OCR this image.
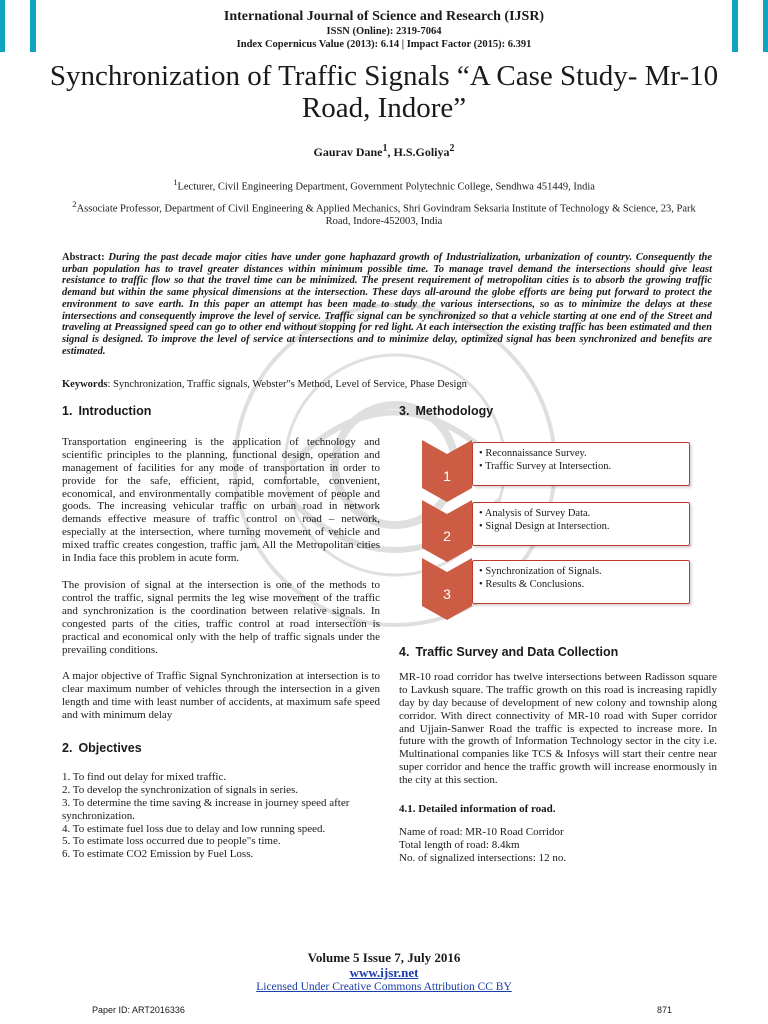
International Journal of Science and Research (IJSR)
ISSN (Online): 2319-7064
Index Copernicus Value (2013): 6.14 | Impact Factor (2015): 6.391
Synchronization of Traffic Signals “A Case Study- Mr-10 Road, Indore”
Gaurav Dane$^1$, H.S.Goliya$^2$
$^1$Lecturer, Civil Engineering Department, Government Polytechnic College, Sendhwa 451449, India
$^2$Associate Professor, Department of Civil Engineering & Applied Mechanics, Shri Govindram Seksaria Institute of Technology & Science, 23, Park Road, Indore-452003, India
Abstract: During the past decade major cities have under gone haphazard growth of Industrialization, urbanization of country. Consequently the urban population has to travel greater distances within minimum possible time. To manage travel demand the intersections should give least resistance to traffic flow so that the travel time can be minimized. The present requirement of metropolitan cities is to absorb the growing traffic demand but within the same physical dimensions at the intersection. These days all-around the globe efforts are being put forward to protect the environment to save earth. In this paper an attempt has been made to study the various intersections, so as to minimize the delays at these intersections and consequently improve the level of service. Traffic signal can be synchronized so that a vehicle starting at one end of the Street and traveling at Preassigned speed can go to other end without stopping for red light. At each intersection the existing traffic has been estimated and then signal is designed. To improve the level of service at intersections and to minimize delay, optimized signal has been synchronized and benefits are estimated.
Keywords: Synchronization, Traffic signals, Webster"s Method, Level of Service, Phase Design
1. Introduction

Transportation engineering is the application of technology and scientific principles to the planning, functional design, operation and management of facilities for any mode of transportation in order to provide for the safe, efficient, rapid, comfortable, convenient, economical, and environmentally compatible movement of people and goods. The increasing vehicular traffic on urban road in network demands effective measure of traffic control on road – network, especially at the intersection, where turning movement of vehicle and mixed traffic creates congestion, traffic jam. All the Metropolitan cities in India face this problem in acute form.

The provision of signal at the intersection is one of the methods to control the traffic, signal permits the leg wise movement of the traffic and synchronization is the coordination between relative signals. In congested parts of the cities, traffic control at road intersection is practical and economical only with the help of traffic signals under the prevailing conditions.

A major objective of Traffic Signal Synchronization at intersection is to clear maximum number of vehicles through the intersection in a given length and time with least number of accidents, at maximum safe speed and with minimum delay

2. Objectives
1. To find out delay for mixed traffic.
2. To develop the synchronization of signals in series.
3. To determine the time saving & increase in journey speed after synchronization.
4. To estimate fuel loss due to delay and low running speed.
5. To estimate loss occurred due to people"s time.
6. To estimate CO2 Emission by Fuel Loss.
3. Methodology
1
• Reconnaissance Survey.
• Traffic Survey at Intersection.
2
• Analysis of Survey Data.
• Signal Design at Intersection.
3
• Synchronization of Signals.
• Results & Conclusions.
4. Traffic Survey and Data Collection

MR-10 road corridor has twelve intersections between Radisson square to Lavkush square. The traffic growth on this road is increasing rapidly day by day because of development of new colony and township along corridor. With direct connectivity of MR-10 road with Super corridor and Ujjain-Sanwer Road the traffic is expected to increase more. In future with the growth of Information Technology sector in the city i.e. Multinational companies like TCS & Infosys will start their centre near super corridor and hence the traffic growth will increase enormously in the city at this section.

4.1. Detailed information of road.
Name of road: MR-10 Road Corridor
Total length of road: 8.4km
No. of signalized intersections: 12 no.
Volume 5 Issue 7, July 2016
www.ijsr.net
Licensed Under Creative Commons Attribution CC BY
Paper ID: ART2016336	871
